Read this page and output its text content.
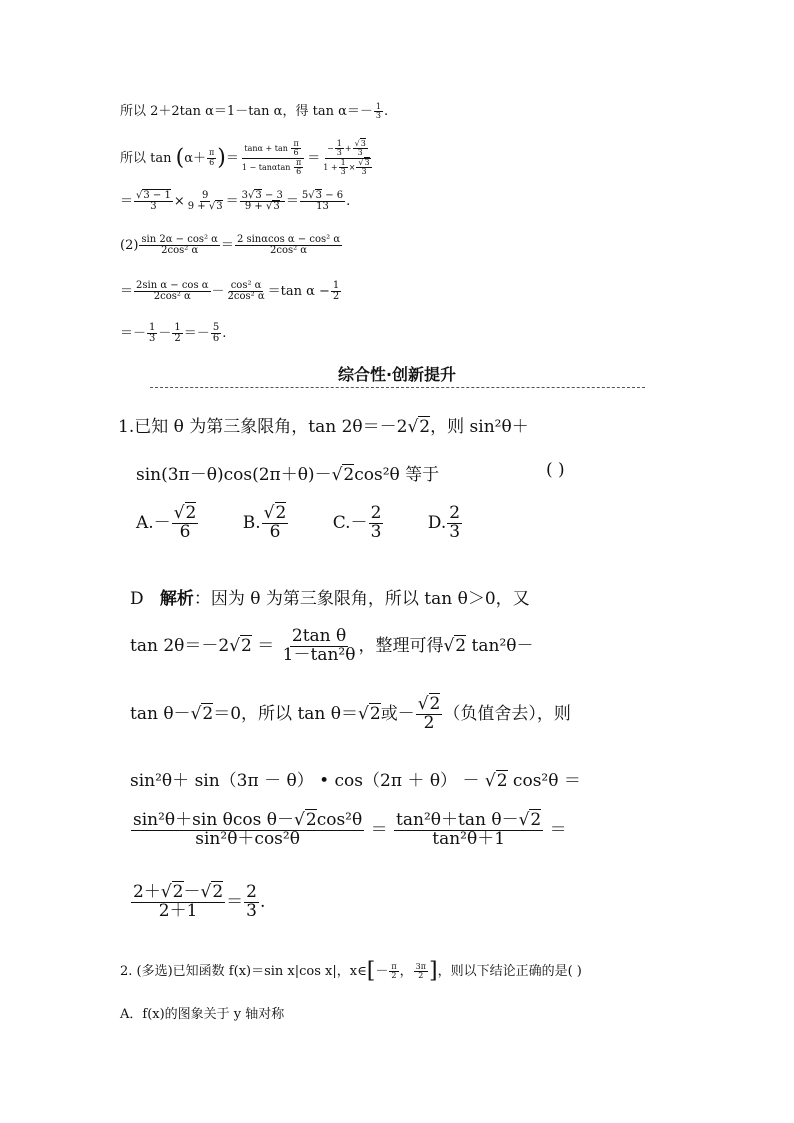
所以 2＋2tan α＝1－tan α，得 $\tan \alpha=- \frac{1}{3}$ .
所以 $\tan (\alpha+ \frac{\pi}{6}$ )＝ $\frac{\tan\alpha + \tan \frac{\pi}{6}}{1 - \tan\alpha\tan \frac{\pi}{6}} = \frac{- \frac{1}{3} + \frac{√3}{3}}{1 + \frac{1}{3} \times \frac{√3}{3}}$
＝ $\frac{√3 - 1}{3} \times \frac{9}{9 + √3} = \frac{3√3 - 3}{9 + √3} = \frac{5√3 - 6}{13}$ .
$(2) \frac{\text{sin 2α − cos² α}}{\text{2cos² α}} = \frac{\text{2 sinαcos α − cos² α}}{\text{2cos² α}}$
＝ $\frac{\text{2sin α − cos α}}{\text{2cos² α}} - \frac{\text{cos² α}}{\text{2cos² α}} =\tan$ $\alpha - \frac{1}{2}$
＝－ $\frac{1}{3} - \frac{1}{2} =- \frac{5}{6}$ .
综合性·创新提升
1.已知 θ 为第三象限角，tan 2θ＝－2√2，则 sin²θ＋
sin(3π－θ)cos(2π＋θ)－√2cos²θ 等于	( )
$A.- \frac{√2}{6}$	B. $\frac{√2}{6}$	$C.- \frac{2}{3}$	D. $\frac{2}{3}$
D 解析：因为 θ 为第三象限角，所以 tan θ＞0，又
$\tan 2\theta=-2√2 = \frac{\text{2tan θ}}{\text{1－tan²θ}}$ ，整理可得√2 tan²θ－
tan θ－√2＝0，所以 tan θ＝√2或－ $\frac{√2}{2}$ （负值舍去），则
sin²θ＋ sin（3π － θ） • cos（2π ＋ θ） － √2 cos²θ ＝
$\frac{\text{sin²θ＋sin θcos θ－√2cos²θ}}{\text{sin²θ＋cos²θ}} = \frac{\text{tan²θ＋tan θ－√2}}{\text{tan²θ＋1}}$ ＝
$\frac{2+√2-√2}{2+1} = \frac{2}{3}$ .
2. (多选)已知函数 f(x)＝sin x|cos x|，x∈[－ $\frac{\pi}{2}$ ， $\frac{3\pi}{2}$ ]，则以下结论正确的是( )
A．f(x)的图象关于 y 轴对称
